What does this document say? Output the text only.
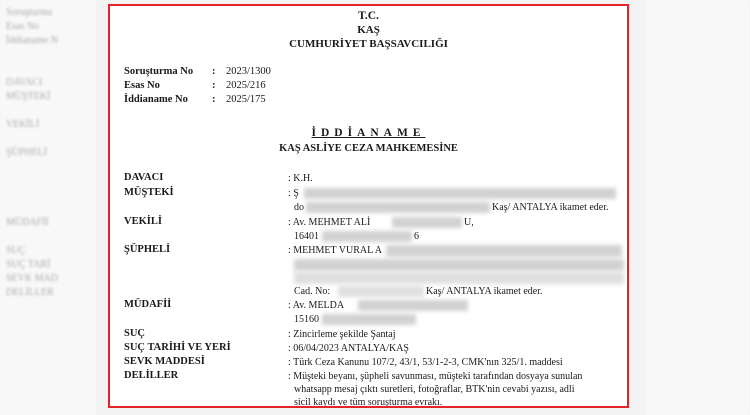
Soruşturma
Esas No
İddianame N
DAVACI
MÜŞTEKİ
VEKİLİ
ŞÜPHELİ
MÜDAFİİ
SUÇ
SUÇ TARİ
SEVK MAD
DELİLLER
T.C.
KAŞ
CUMHURİYET BAŞSAVCILIĞI
Soruşturma No : 2023/1300
Esas No	: 2025/216
İddianame No : 2025/175
İDDİANAME
KAŞ ASLİYE CEZA MAHKEMESİNE
DAVACI	: K.H.
MÜŞTEKİ	: Ş
do	Kaş/ ANTALYA ikamet eder.
VEKİLİ	: Av. MEHMET ALİ	U,
16401	6
ŞÜPHELİ	: MEHMET VURAL A
Cad. No:	Kaş/ ANTALYA ikamet eder.
MÜDAFİİ	: Av. MELDA
15160
SUÇ	: Zincirleme şekilde Şantaj
SUÇ TARİHİ VE YERİ	: 06/04/2023 ANTALYA/KAŞ
SEVK MADDESİ	: Türk Ceza Kanunu 107/2, 43/1, 53/1-2-3, CMK'nın 325/1. maddesi
DELİLLER	: Müşteki beyanı, şüpheli savunması, müşteki tarafından dosyaya sunulan
whatsapp mesaj çıktı suretleri, fotoğraflar, BTK'nin cevabi yazısı, adli
sicil kaydı ve tüm soruşturma evrakı.
